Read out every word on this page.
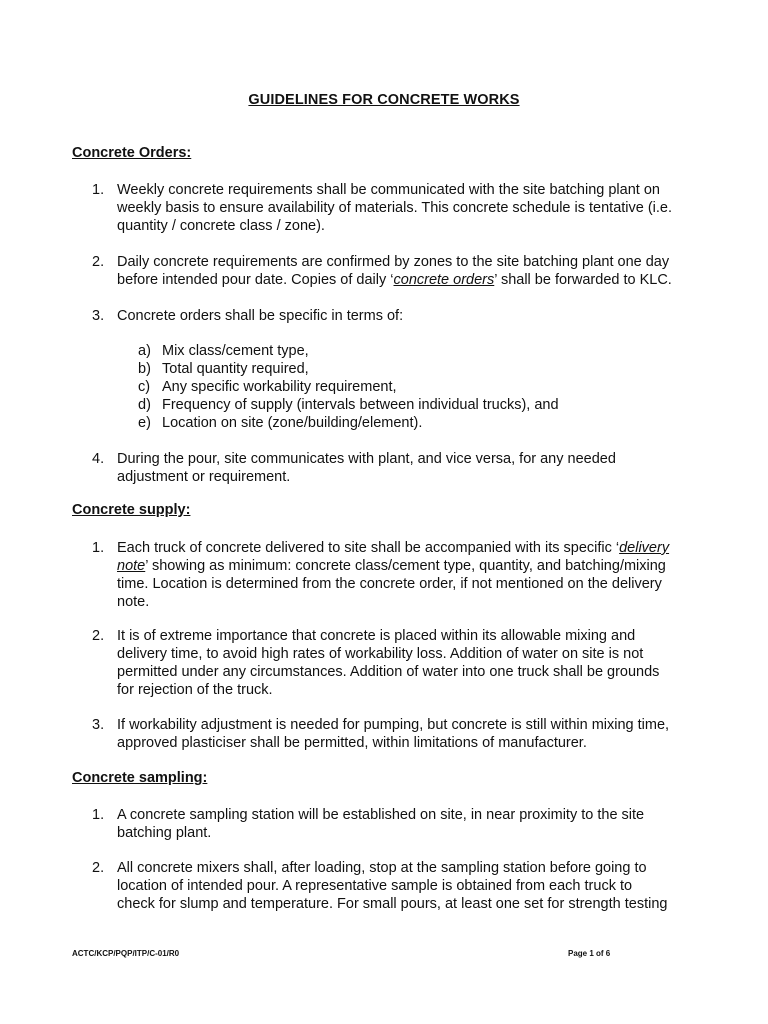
GUIDELINES FOR CONCRETE WORKS
Concrete Orders:
1. Weekly concrete requirements shall be communicated with the site batching plant on
weekly basis to ensure availability of materials. This concrete schedule is tentative (i.e.
quantity / concrete class / zone).
2. Daily concrete requirements are confirmed by zones to the site batching plant one day
before intended pour date. Copies of daily ‘concrete orders’ shall be forwarded to KLC.
3. Concrete orders shall be specific in terms of:
a) Mix class/cement type,
b) Total quantity required,
c) Any specific workability requirement,
d) Frequency of supply (intervals between individual trucks), and
e) Location on site (zone/building/element).
4. During the pour, site communicates with plant, and vice versa, for any needed
adjustment or requirement.
Concrete supply:
1. Each truck of concrete delivered to site shall be accompanied with its specific ‘delivery
note’ showing as minimum: concrete class/cement type, quantity, and batching/mixing
time. Location is determined from the concrete order, if not mentioned on the delivery
note.
2. It is of extreme importance that concrete is placed within its allowable mixing and
delivery time, to avoid high rates of workability loss. Addition of water on site is not
permitted under any circumstances. Addition of water into one truck shall be grounds
for rejection of the truck.
3. If workability adjustment is needed for pumping, but concrete is still within mixing time,
approved plasticiser shall be permitted, within limitations of manufacturer.
Concrete sampling:
1. A concrete sampling station will be established on site, in near proximity to the site
batching plant.
2. All concrete mixers shall, after loading, stop at the sampling station before going to
location of intended pour. A representative sample is obtained from each truck to
check for slump and temperature. For small pours, at least one set for strength testing
ACTC/KCP/PQP/ITP/C-01/R0	Page 1 of 6
